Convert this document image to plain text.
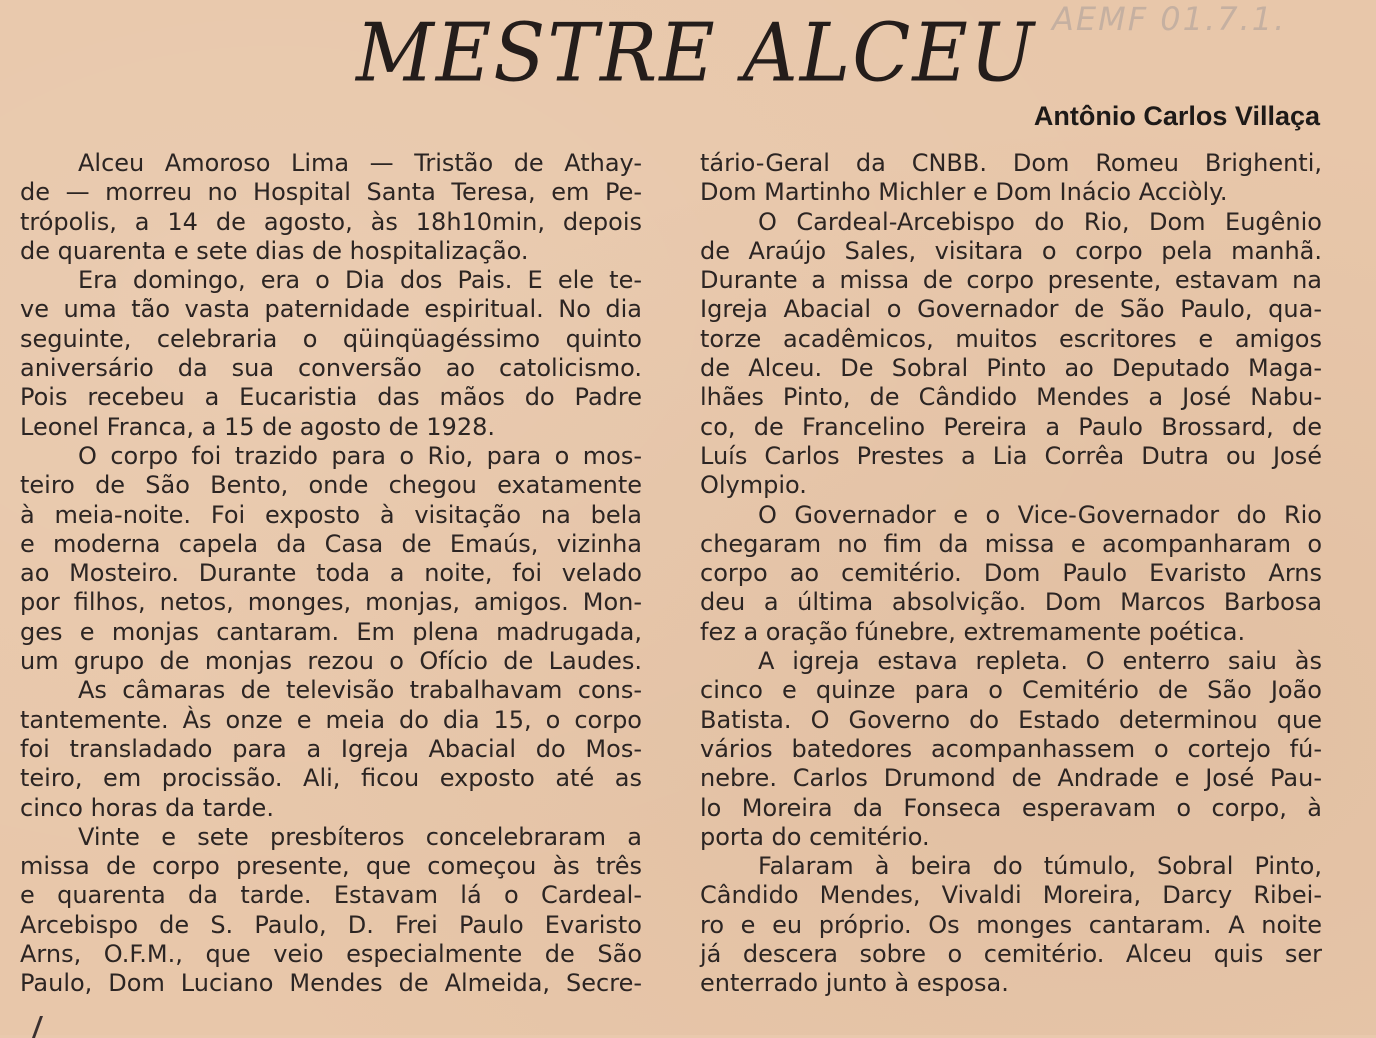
MESTRE ALCEU AEMF 01.7.1.
Antônio Carlos Villaça
Alceu Amoroso Lima — Tristão de Athay-
de — morreu no Hospital Santa Teresa, em Pe-
trópolis, a 14 de agosto, às 18h10min, depois
de quarenta e sete dias de hospitalização.
Era domingo, era o Dia dos Pais. E ele te-
ve uma tão vasta paternidade espiritual. No dia
seguinte, celebraria o qüinqüagéssimo quinto
aniversário da sua conversão ao catolicismo.
Pois recebeu a Eucaristia das mãos do Padre
Leonel Franca, a 15 de agosto de 1928.
O corpo foi trazido para o Rio, para o mos-
teiro de São Bento, onde chegou exatamente
à meia-noite. Foi exposto à visitação na bela
e moderna capela da Casa de Emaús, vizinha
ao Mosteiro. Durante toda a noite, foi velado
por filhos, netos, monges, monjas, amigos. Mon-
ges e monjas cantaram. Em plena madrugada,
um grupo de monjas rezou o Ofício de Laudes.
As câmaras de televisão trabalhavam cons-
tantemente. Às onze e meia do dia 15, o corpo
foi transladado para a Igreja Abacial do Mos-
teiro, em procissão. Ali, ficou exposto até as
cinco horas da tarde.
Vinte e sete presbíteros concelebraram a
missa de corpo presente, que começou às três
e quarenta da tarde. Estavam lá o Cardeal-
Arcebispo de S. Paulo, D. Frei Paulo Evaristo
Arns, O.F.M., que veio especialmente de São
Paulo, Dom Luciano Mendes de Almeida, Secre-
tário-Geral da CNBB. Dom Romeu Brighenti,
Dom Martinho Michler e Dom Inácio Acciòly.
O Cardeal-Arcebispo do Rio, Dom Eugênio
de Araújo Sales, visitara o corpo pela manhã.
Durante a missa de corpo presente, estavam na
Igreja Abacial o Governador de São Paulo, qua-
torze acadêmicos, muitos escritores e amigos
de Alceu. De Sobral Pinto ao Deputado Maga-
lhães Pinto, de Cândido Mendes a José Nabu-
co, de Francelino Pereira a Paulo Brossard, de
Luís Carlos Prestes a Lia Corrêa Dutra ou José
Olympio.
O Governador e o Vice-Governador do Rio
chegaram no fim da missa e acompanharam o
corpo ao cemitério. Dom Paulo Evaristo Arns
deu a última absolvição. Dom Marcos Barbosa
fez a oração fúnebre, extremamente poética.
A igreja estava repleta. O enterro saiu às
cinco e quinze para o Cemitério de São João
Batista. O Governo do Estado determinou que
vários batedores acompanhassem o cortejo fú-
nebre. Carlos Drumond de Andrade e José Pau-
lo Moreira da Fonseca esperavam o corpo, à
porta do cemitério.
Falaram à beira do túmulo, Sobral Pinto,
Cândido Mendes, Vivaldi Moreira, Darcy Ribei-
ro e eu próprio. Os monges cantaram. A noite
já descera sobre o cemitério. Alceu quis ser
enterrado junto à esposa.
